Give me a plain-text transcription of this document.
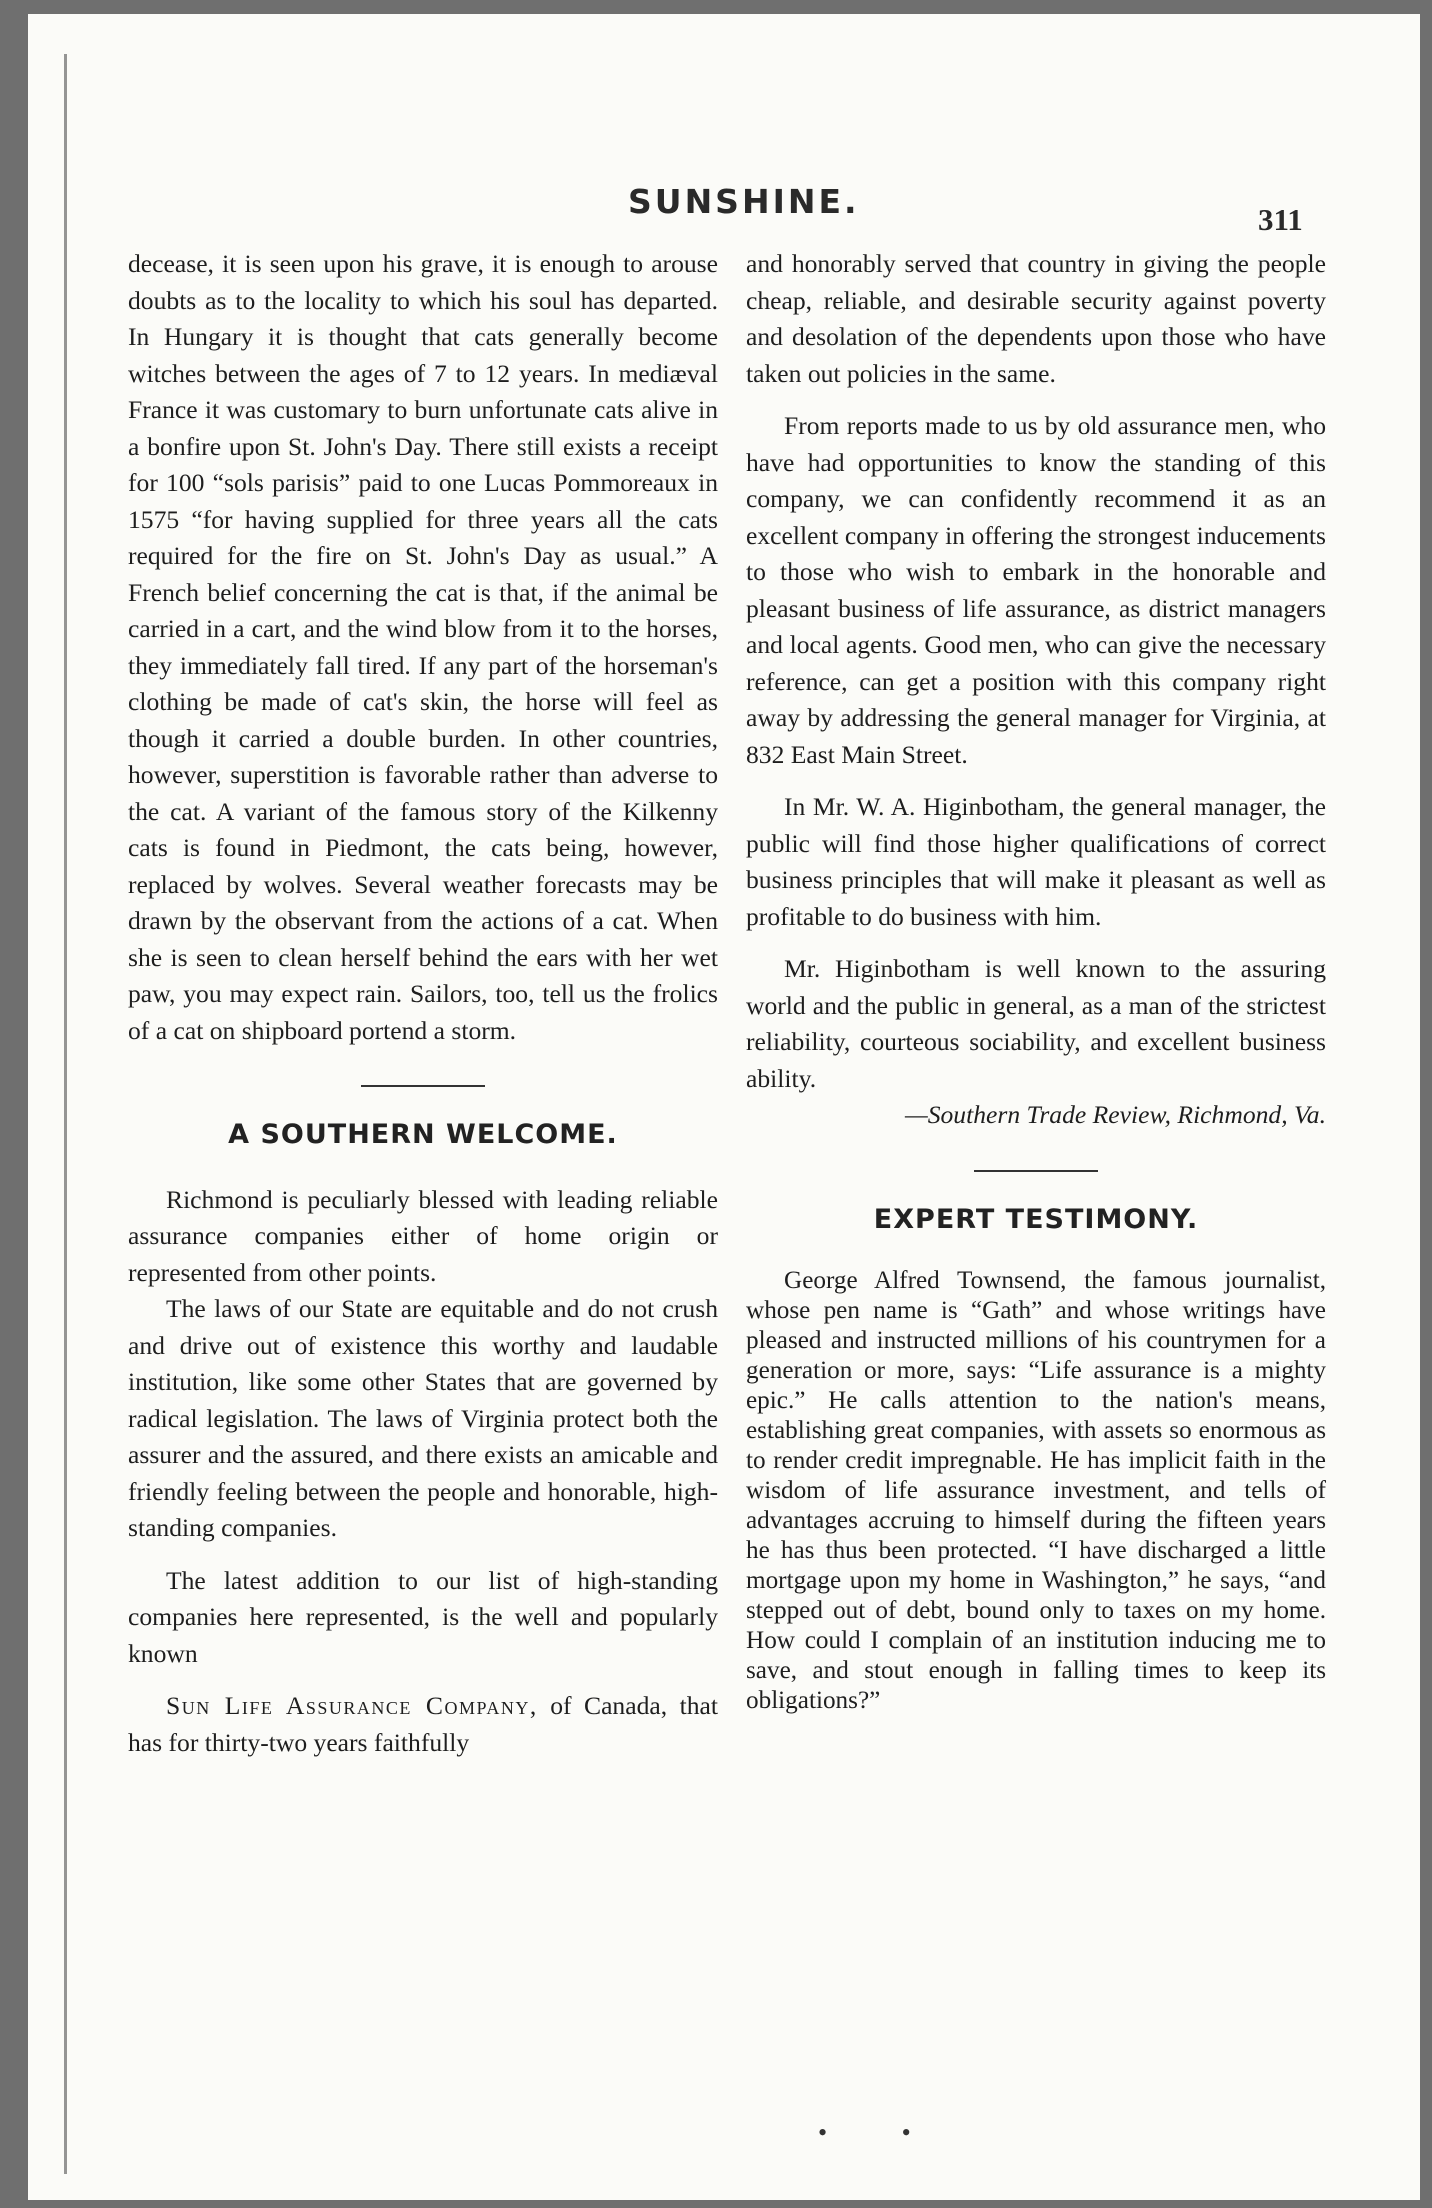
SUNSHINE.	311

decease, it is seen upon his grave, it is enough to arouse doubts as to the locality to which his soul has departed. In Hungary it is thought that cats generally become witches between the ages of 7 to 12 years. In mediæval France it was customary to burn unfortunate cats alive in a bonfire upon St. John's Day. There still exists a receipt for 100 “sols parisis” paid to one Lucas Pommoreaux in 1575 “for having supplied for three years all the cats required for the fire on St. John's Day as usual.” A French belief concerning the cat is that, if the animal be carried in a cart, and the wind blow from it to the horses, they immediately fall tired. If any part of the horseman's clothing be made of cat's skin, the horse will feel as though it carried a double burden. In other countries, however, superstition is favorable rather than adverse to the cat. A variant of the famous story of the Kilkenny cats is found in Piedmont, the cats being, however, replaced by wolves. Several weather forecasts may be drawn by the observant from the actions of a cat. When she is seen to clean herself behind the ears with her wet paw, you may expect rain. Sailors, too, tell us the frolics of a cat on shipboard portend a storm.

A SOUTHERN WELCOME.

Richmond is peculiarly blessed with leading reliable assurance companies either of home origin or represented from other points.

The laws of our State are equitable and do not crush and drive out of existence this worthy and laudable institution, like some other States that are governed by radical legislation. The laws of Virginia protect both the assurer and the assured, and there exists an amicable and friendly feeling between the people and honorable, high-standing companies.

The latest addition to our list of high-standing companies here represented, is the well and popularly known

Sun Life Assurance Company, of Canada, that has for thirty-two years faithfully

and honorably served that country in giving the people cheap, reliable, and desirable security against poverty and desolation of the dependents upon those who have taken out policies in the same.

From reports made to us by old assurance men, who have had opportunities to know the standing of this company, we can confidently recommend it as an excellent company in offering the strongest inducements to those who wish to embark in the honorable and pleasant business of life assurance, as district managers and local agents. Good men, who can give the necessary reference, can get a position with this company right away by addressing the general manager for Virginia, at 832 East Main Street.

In Mr. W. A. Higinbotham, the general manager, the public will find those higher qualifications of correct business principles that will make it pleasant as well as profitable to do business with him.

Mr. Higinbotham is well known to the assuring world and the public in general, as a man of the strictest reliability, courteous sociability, and excellent business ability.

—Southern Trade Review, Richmond, Va.

EXPERT TESTIMONY.

George Alfred Townsend, the famous journalist, whose pen name is “Gath” and whose writings have pleased and instructed millions of his countrymen for a generation or more, says: “Life assurance is a mighty epic.” He calls attention to the nation's means, establishing great companies, with assets so enormous as to render credit impregnable. He has implicit faith in the wisdom of life assurance investment, and tells of advantages accruing to himself during the fifteen years he has thus been protected. “I have discharged a little mortgage upon my home in Washington,” he says, “and stepped out of debt, bound only to taxes on my home. How could I complain of an institution inducing me to save, and stout enough in falling times to keep its obligations?”

• •
